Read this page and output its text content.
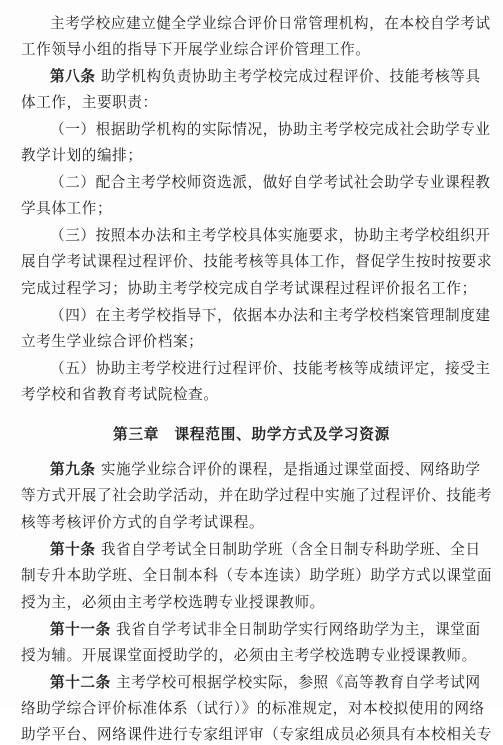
主考学校应建立健全学业综合评价日常管理机构，在本校自学考试
工作领导小组的指导下开展学业综合评价管理工作。
第八条 助学机构负责协助主考学校完成过程评价、技能考核等具
体工作，主要职责：
（一）根据助学机构的实际情况，协助主考学校完成社会助学专业
教学计划的编排；
（二）配合主考学校师资选派，做好自学考试社会助学专业课程教
学具体工作；
（三）按照本办法和主考学校具体实施要求，协助主考学校组织开
展自学考试课程过程评价、技能考核等具体工作，督促学生按时按要求
完成过程学习；协助主考学校完成自学考试课程过程评价报名工作；
（四）在主考学校指导下，依据本办法和主考学校档案管理制度建
立考生学业综合评价档案；
（五）协助主考学校进行过程评价、技能考核等成绩评定，接受主
考学校和省教育考试院检查。
第三章　课程范围、助学方式及学习资源
第九条 实施学业综合评价的课程，是指通过课堂面授、网络助学
等方式开展了社会助学活动，并在助学过程中实施了过程评价、技能考
核等考核评价方式的自学考试课程。
第十条 我省自学考试全日制助学班（含全日制专科助学班、全日
制专升本助学班、全日制本科（专本连读）助学班）助学方式以课堂面
授为主，必须由主考学校选聘专业授课教师。
第十一条 我省自学考试非全日制助学实行网络助学为主，课堂面
授为辅。开展课堂面授助学的，必须由主考学校选聘专业授课教师。
第十二条 主考学校可根据学校实际，参照《高等教育自学考试网
络助学综合评价标准体系（试行）》的标准规定，对本校拟使用的网络
助学平台、网络课件进行专家组评审（专家组成员必须具有本校相关专
